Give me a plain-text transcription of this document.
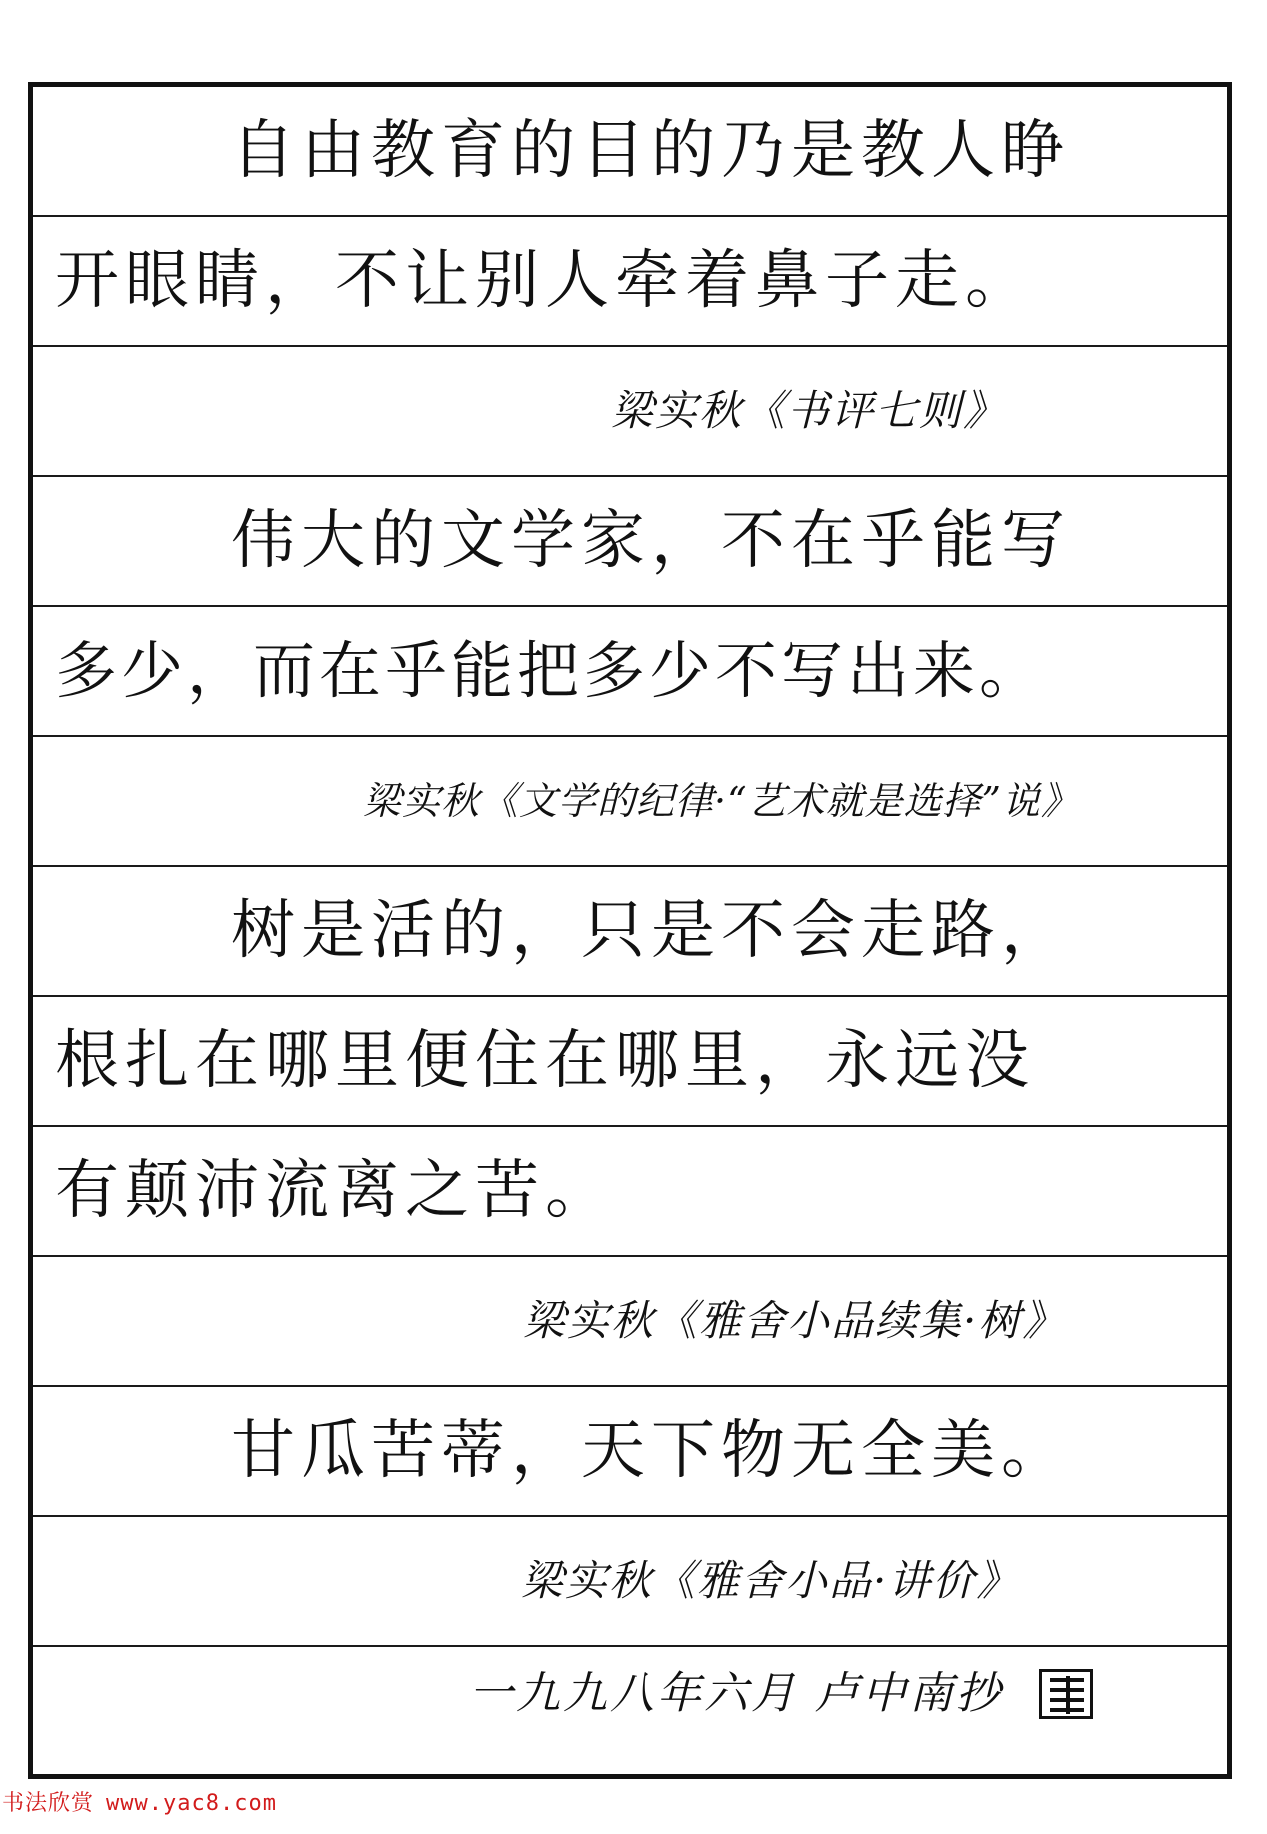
自由教育的目的乃是教人睁
开眼睛，不让别人牵着鼻子走。
梁实秋《书评七则》
伟大的文学家，不在乎能写
多少，而在乎能把多少不写出来。
梁实秋《文学的纪律·“艺术就是选择”说》
树是活的，只是不会走路，
根扎在哪里便住在哪里，永远没
有颠沛流离之苦。
梁实秋《雅舍小品续集·树》
甘瓜苦蒂，天下物无全美。
梁实秋《雅舍小品·讲价》
一九九八年六月 卢中南抄
书法欣赏 www.yac8.com
